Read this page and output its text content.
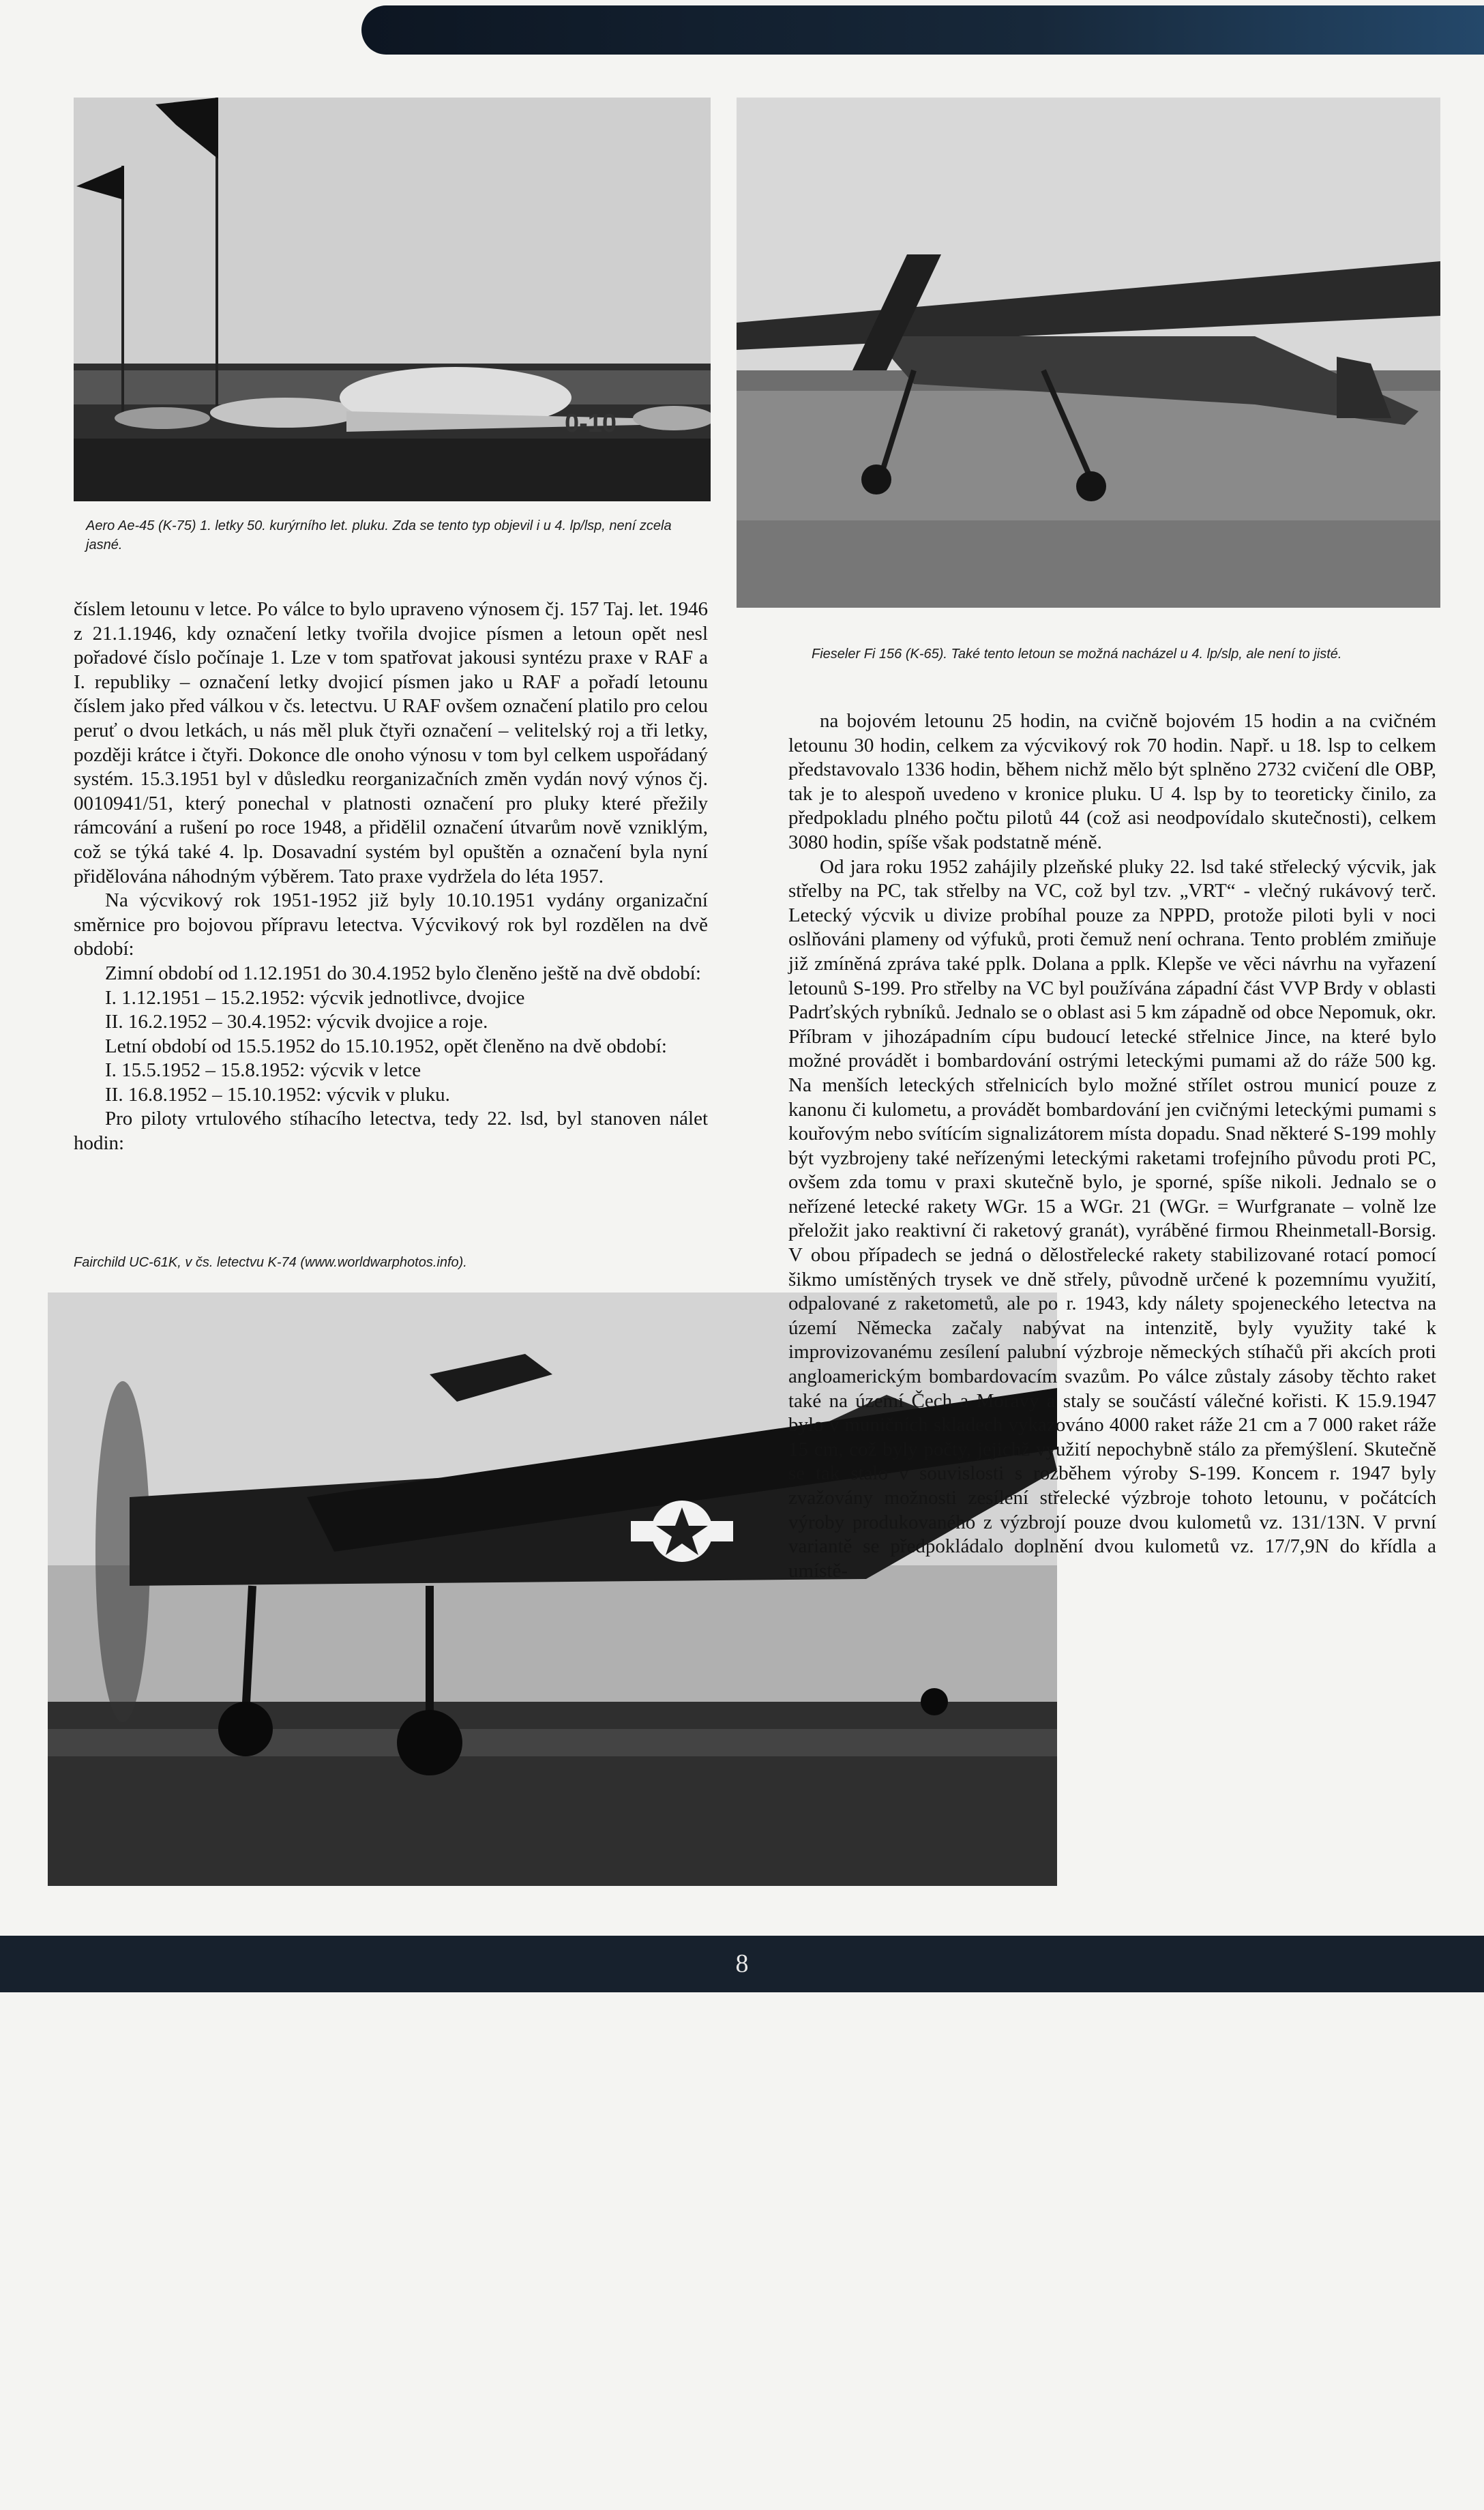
8
0-10

Aero Ae-45 (K-75) 1. letky 50. kurýrního let. pluku. Zda se tento typ objevil i u 4. lp/lsp, není zcela jasné.

Fieseler Fi 156 (K-65). Také tento letoun se možná nacházel u 4. lp/slp, ale není to jisté.

číslem letounu v letce. Po válce to bylo upraveno výnosem čj. 157 Taj. let. 1946 z 21.1.1946, kdy označení letky tvořila dvojice písmen a letoun opět nesl pořadové číslo počínaje 1. Lze v tom spatřovat jakousi syntézu praxe v RAF a I. republiky – označení letky dvojicí písmen jako u RAF a pořadí letounu číslem jako před válkou v čs. letectvu. U RAF ovšem označení platilo pro celou peruť o dvou letkách, u nás měl pluk čtyři označení – velitelský roj a tři letky, později krátce i čtyři. Dokonce dle onoho výnosu v tom byl celkem uspořádaný systém. 15.3.1951 byl v důsledku reorganizačních změn vydán nový výnos čj. 0010941/51, který ponechal v platnosti označení pro pluky které přežily rámcování a rušení po roce 1948, a přidělil označení útvarům nově vzniklým, což se týká také 4. lp. Dosavadní systém byl opuštěn a označení byla nyní přidělována náhodným výběrem. Tato praxe vydržela do léta 1957.

Na výcvikový rok 1951-1952 již byly 10.10.1951 vydány organizační směrnice pro bojovou přípravu letectva. Výcvikový rok byl rozdělen na dvě období:

Zimní období od 1.12.1951 do 30.4.1952 bylo členěno ještě na dvě období:

I. 1.12.1951 – 15.2.1952: výcvik jednotlivce, dvojice

II. 16.2.1952 – 30.4.1952: výcvik dvojice a roje.

Letní období od 15.5.1952 do 15.10.1952, opět členěno na dvě období:

I. 15.5.1952 – 15.8.1952: výcvik v letce

II. 16.8.1952 – 15.10.1952: výcvik v pluku.

Pro piloty vrtulového stíhacího letectva, tedy 22. lsd, byl stanoven nálet hodin:

Fairchild UC-61K, v čs. letectvu K-74 (www.worldwarphotos.info).

na bojovém letounu 25 hodin, na cvičně bojovém 15 hodin a na cvičném letounu 30 hodin, celkem za výcvikový rok 70 hodin. Např. u 18. lsp to celkem představovalo 1336 hodin, během nichž mělo být splněno 2732 cvičení dle OBP, tak je to alespoň uvedeno v kronice pluku. U 4. lsp by to teoreticky činilo, za předpokladu plného počtu pilotů 44 (což asi neodpovídalo skutečnosti), celkem 3080 hodin, spíše však podstatně méně.

Od jara roku 1952 zahájily plzeňské pluky 22. lsd také střelecký výcvik, jak střelby na PC, tak střelby na VC, což byl tzv. „VRT“ - vlečný rukávový terč. Letecký výcvik u divize probíhal pouze za NPPD, protože piloti byli v noci oslňováni plameny od výfuků, proti čemuž není ochrana. Tento problém zmiňuje již zmíněná zpráva také pplk. Dolana a pplk. Klepše ve věci návrhu na vyřazení letounů S-199. Pro střelby na VC byl používána západní část VVP Brdy v oblasti Padrťských rybníků. Jednalo se o oblast asi 5 km západně od obce Nepomuk, okr. Příbram v jihozápadním cípu budoucí letecké střelnice Jince, na které bylo možné provádět i bombardování ostrými leteckými pumami až do ráže 500 kg. Na menších leteckých střelnicích bylo možné střílet ostrou municí pouze z kanonu či kulometu, a provádět bombardování jen cvičnými leteckými pumami s kouřovým nebo svítícím signalizátorem místa dopadu. Snad některé S-199 mohly být vyzbrojeny také neřízenými leteckými raketami trofejního původu proti PC, ovšem zda tomu v praxi skutečně bylo, je sporné, spíše nikoli. Jednalo se o neřízené letecké rakety WGr. 15 a WGr. 21 (WGr. = Wurfgranate – volně lze přeložit jako reaktivní či raketový granát), vyráběné firmou Rheinmetall-Borsig. V obou případech se jedná o dělostřelecké rakety stabilizované rotací pomocí šikmo umístěných trysek ve dně střely, původně určené k pozemnímu využití, odpalované z raketometů, ale po r. 1943, kdy nálety spojeneckého letectva na území Německa začaly nabývat na intenzitě, byly využity také k improvizovanému zesílení palubní výzbroje německých stíhačů při akcích proti angloamerickým bombardovacím svazům. Po válce zůstaly zásoby těchto raket také na území Čech a Moravy a staly se součástí válečné kořisti. K 15.9.1947 bylo v muničních skladech vykazováno 4000 raket ráže 21 cm a 7 000 raket ráže 15 cm, což byly počty, jejichž využití nepochybně stálo za přemýšlení. Skutečně se tak stalo v souvislosti s rozběhem výroby S-199. Koncem r. 1947 byly zvažovány možnosti zesílení střelecké výzbroje tohoto letounu, v počátcích výroby produkovaného z výzbrojí pouze dvou kulometů vz. 131/13N. V první variantě se předpokládalo doplnění dvou kulometů vz. 17/7,9N do křídla a umístě-
